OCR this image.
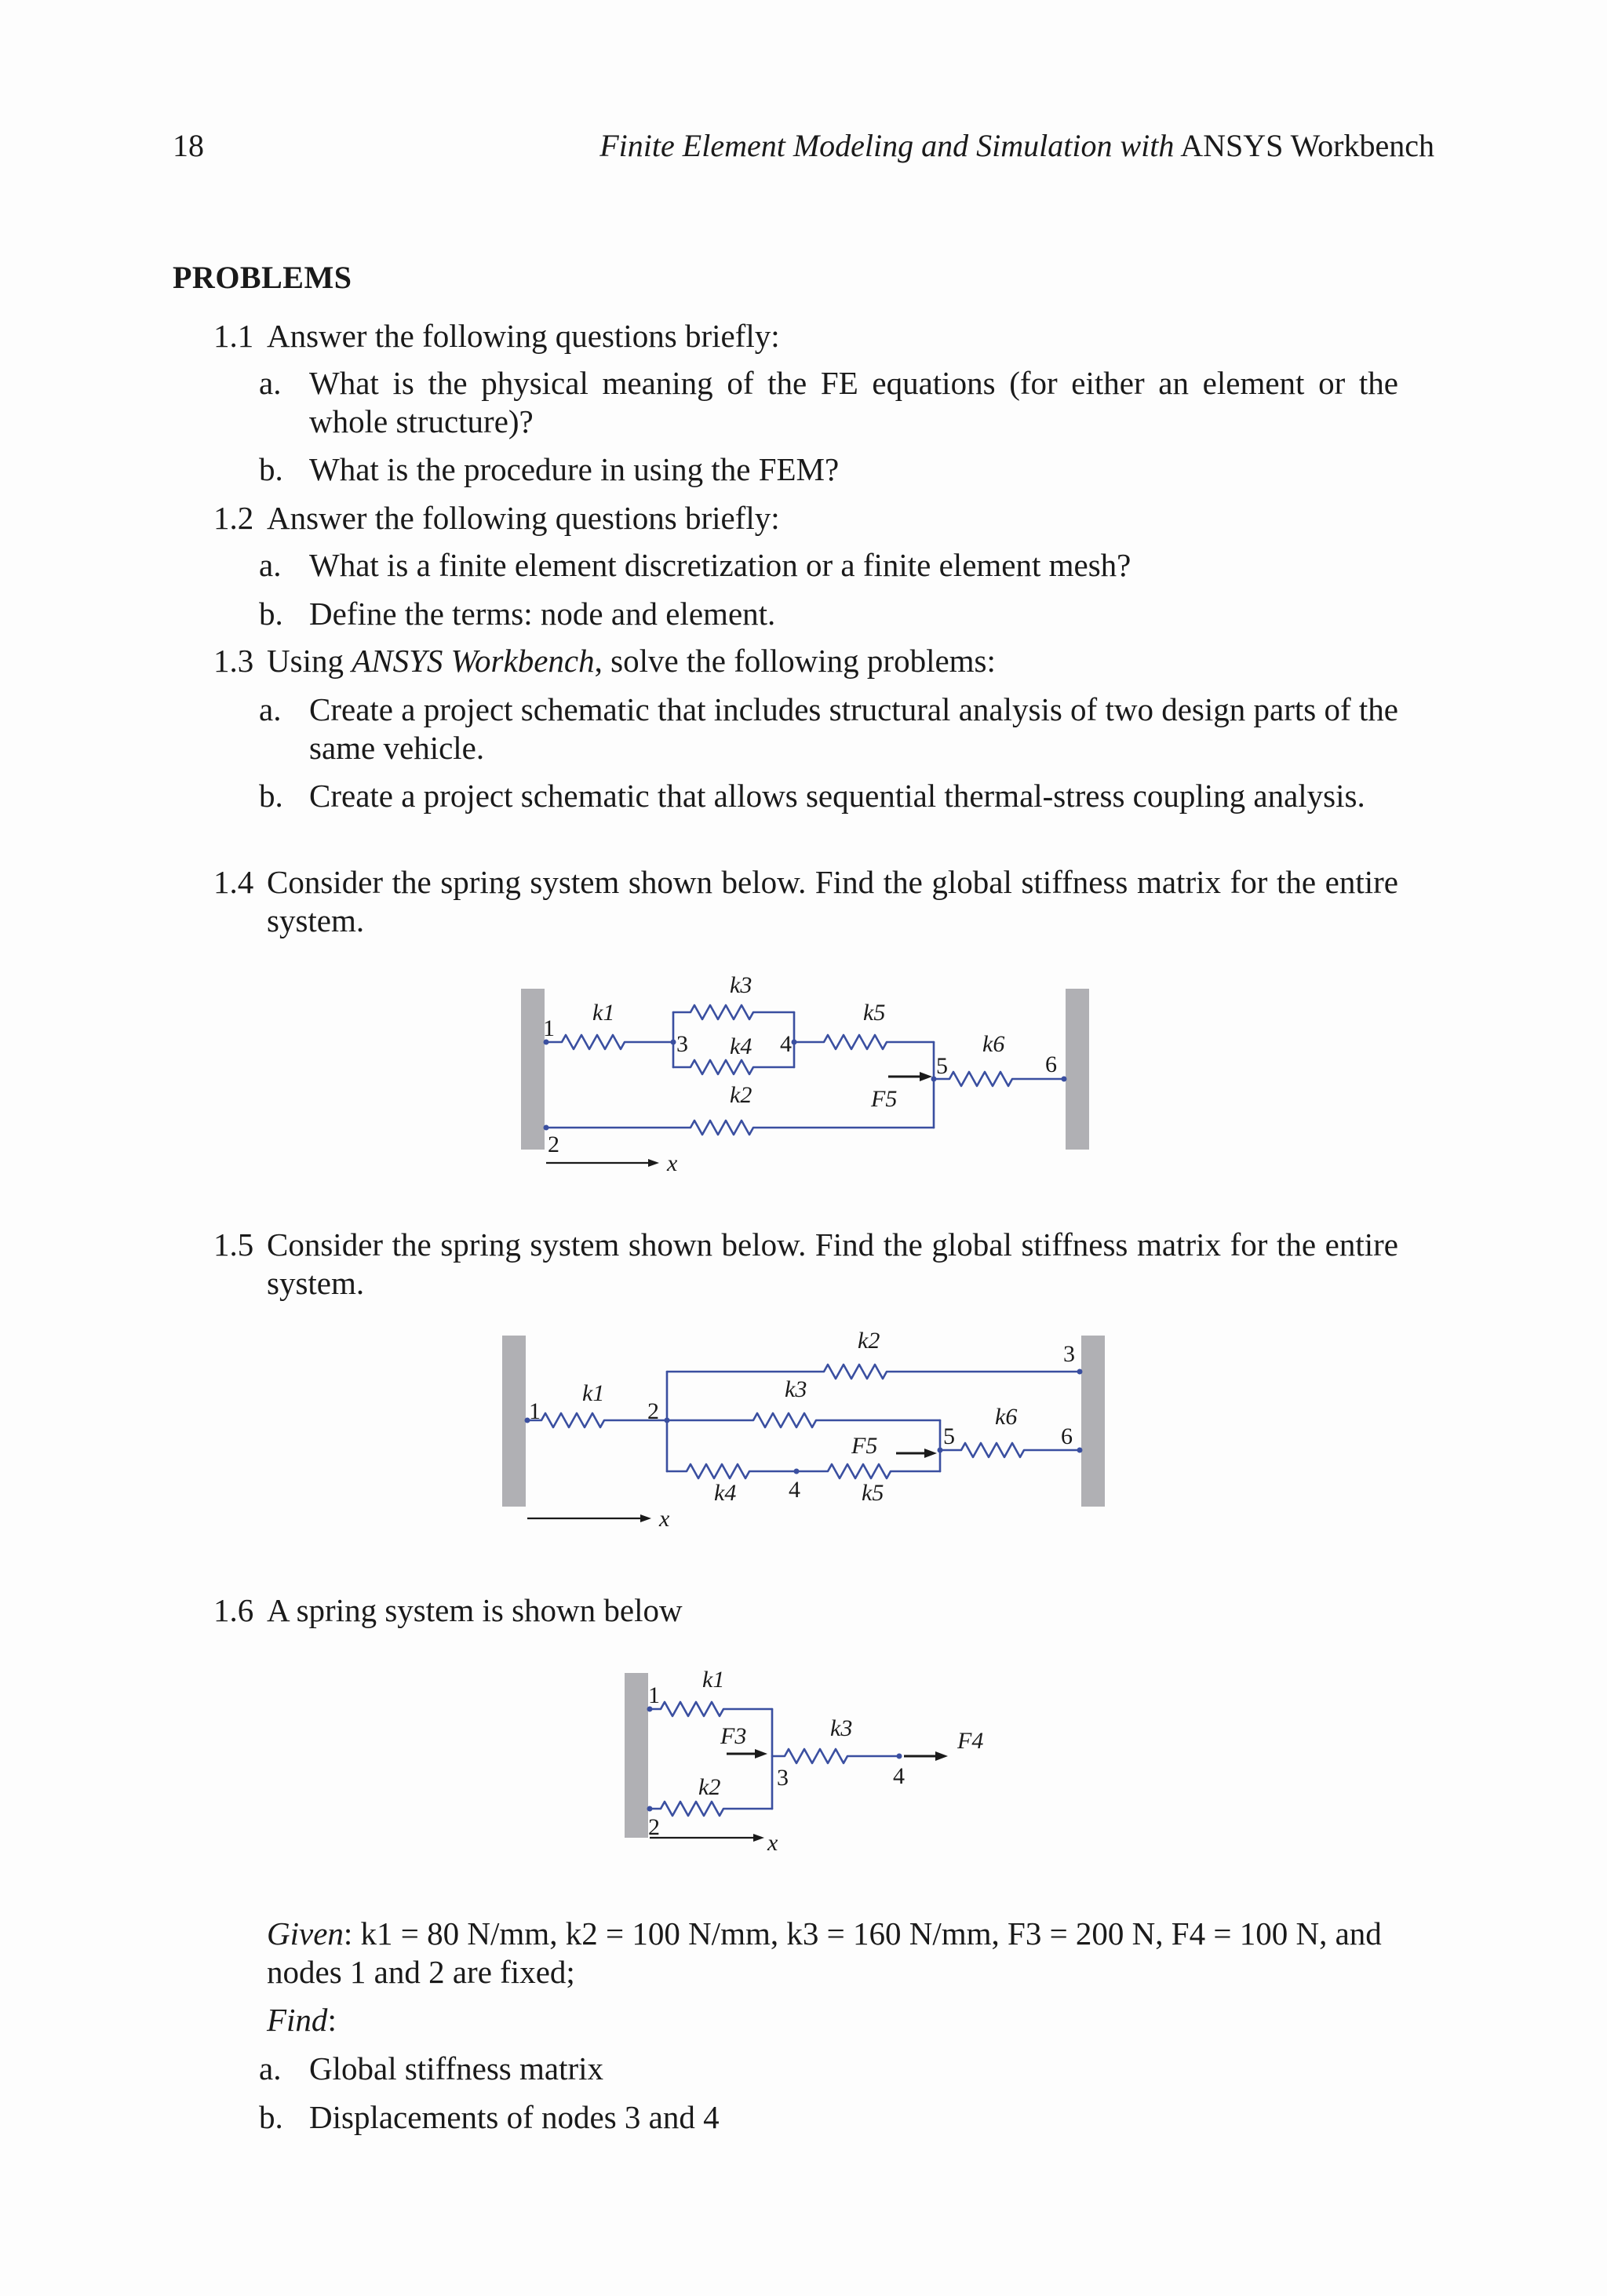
18	Finite Element Modeling and Simulation with ANSYS Workbench
PROBLEMS
1.1 Answer the following questions briefly:
a. What is the physical meaning of the FE equations (for either an element or the whole structure)?
b. What is the procedure in using the FEM?
1.2 Answer the following questions briefly:
a. What is a finite element discretization or a finite element mesh?
b. Define the terms: node and element.
1.3 Using ANSYS Workbench, solve the following problems:
a. Create a project schematic that includes structural analysis of two design parts of the same vehicle.
b. Create a project schematic that allows sequential thermal-stress coupling analysis.
1.4 Consider the spring system shown below. Find the global stiffness matrix for the entire system.
1
2
3	4
5	6
k1
k3
k4
k2
k5
k6
F5
x
1.5 Consider the spring system shown below. Find the global stiffness matrix for the entire system.
1	2
3
4
5	6
k1
k2
k3
k4	k5
k6
F5
x
1.6 A spring system is shown below
1
2
3	4
k1
k2
k3
F3	F4
x
Given: k1 = 80 N/mm, k2 = 100 N/mm, k3 = 160 N/mm, F3 = 200 N, F4 = 100 N, and nodes 1 and 2 are fixed;
Find:
a. Global stiffness matrix
b. Displacements of nodes 3 and 4
